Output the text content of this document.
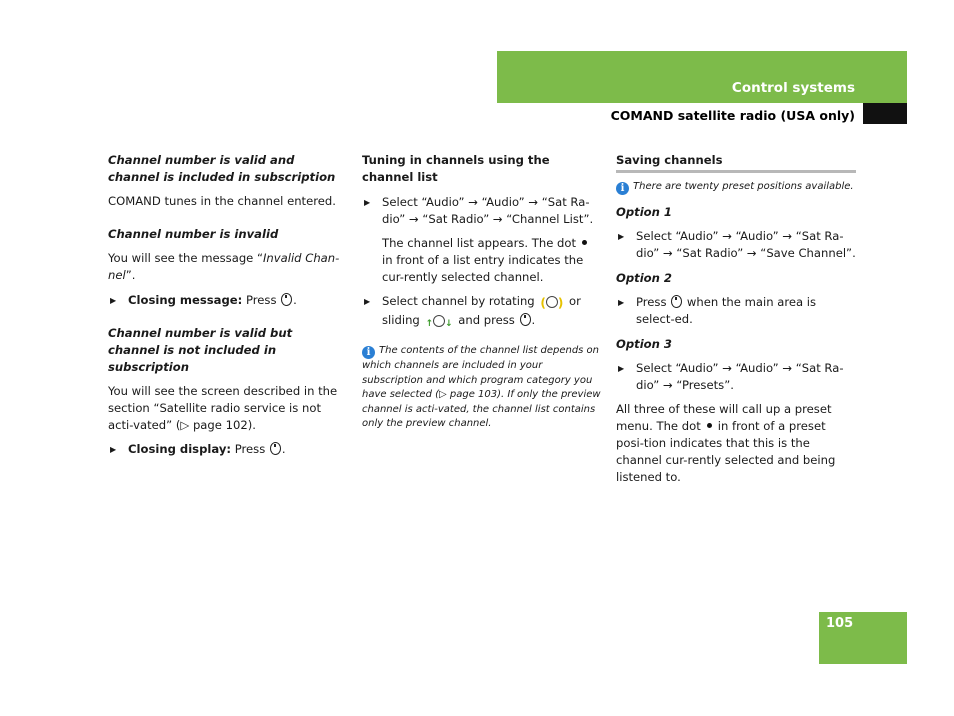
Control systems
COMAND satellite radio (USA only)
105

Channel number is valid and channel is included in subscription

COMAND tunes in the channel entered.

Channel number is invalid

You will see the message “Invalid Chan-nel”.

▶ Closing message: Press .

Channel number is valid but channel is not included in subscription

You will see the screen described in the section “Satellite radio service is not acti-vated” (▷ page 102).

▶ Closing display: Press .

Tuning in channels using the channel list

▶ Select “Audio” → “Audio” → “Sat Ra-dio” → “Sat Radio” → “Channel List”.

The channel list appears. The dotin front of a list entry indicates the cur-rently selected channel.

▶ Select channel by rotating ( ) or sliding ↑ ↓ and press .

i The contents of the channel list depends on which channels are included in your subscription and which program category you have selected (▷ page 103). If only the preview channel is acti-vated, the channel list contains only the preview channel.

Saving channels

i There are twenty preset positions available.

Option 1

▶ Select “Audio” → “Audio” → “Sat Ra-dio” → “Sat Radio” → “Save Channel”.

Option 2

▶ Press when the main area is select-ed.

Option 3

▶ Select “Audio” → “Audio” → “Sat Ra-dio” → “Presets”.

All three of these will call up a preset menu. The dot in front of a preset posi-tion indicates that this is the channel cur-rently selected and being listened to.
